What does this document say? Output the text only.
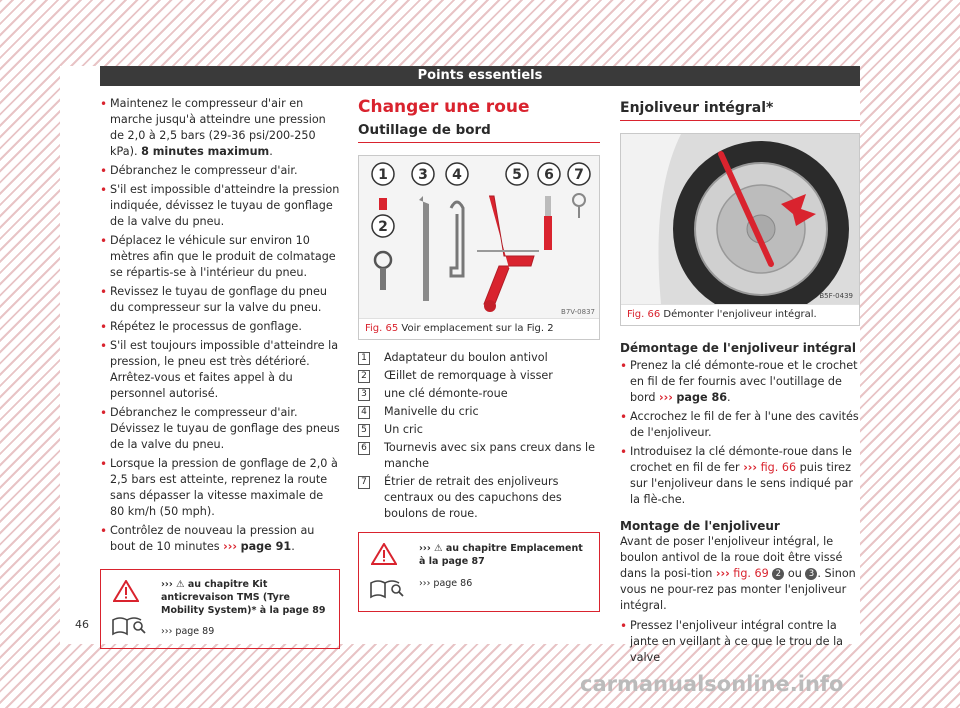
Points essentiels
• Maintenez le compresseur d'air en marche jusqu'à atteindre une pression de 2,0 à 2,5 bars (29-36 psi/200-250 kPa). 8 minutes maximum.
• Débranchez le compresseur d'air.
• S'il est impossible d'atteindre la pression indiquée, dévissez le tuyau de gonflage de la valve du pneu.
• Déplacez le véhicule sur environ 10 mètres afin que le produit de colmatage se répartis-se à l'intérieur du pneu.
• Revissez le tuyau de gonflage du pneu du compresseur sur la valve du pneu.
• Répétez le processus de gonflage.
• S'il est toujours impossible d'atteindre la pression, le pneu est très détérioré. Arrêtez-vous et faites appel à du personnel autorisé.
• Débranchez le compresseur d'air. Dévissez le tuyau de gonflage des pneus de la valve du pneu.
• Lorsque la pression de gonflage de 2,0 à 2,5 bars est atteinte, reprenez la route sans dépasser la vitesse maximale de 80 km/h (50 mph).
• Contrôlez de nouveau la pression au bout de 10 minutes ››› page 91.
››› ⚠ au chapitre Kit anticrevaison TMS (Tyre Mobility System)* à la page 89
››› page 89
Changer une roue
Outillage de bord
1 3 4	5 6 7
2
B7V-0837
Fig. 65 Voir emplacement sur la Fig. 2
1 Adaptateur du boulon antivol
2 Œillet de remorquage à visser
3 une clé démonte-roue
4 Manivelle du cric
5 Un cric
6 Tournevis avec six pans creux dans le manche
7 Étrier de retrait des enjoliveurs centraux ou des capuchons des boulons de roue.
››› ⚠ au chapitre Emplacement à la page 87
››› page 86
Enjoliveur intégral*
B5F-0439
Fig. 66 Démonter l'enjoliveur intégral.
Démontage de l'enjoliveur intégral
• Prenez la clé démonte-roue et le crochet en fil de fer fournis avec l'outillage de bord ››› page 86.
• Accrochez le fil de fer à l'une des cavités de l'enjoliveur.
• Introduisez la clé démonte-roue dans le crochet en fil de fer ››› fig. 66 puis tirez sur l'enjoliveur dans le sens indiqué par la flè-che.
Montage de l'enjoliveur

Avant de poser l'enjoliveur intégral, le boulon antivol de la roue doit être vissé dans la posi-tion ››› fig. 69 2 ou 3 . Sinon vous ne pour-rez pas monter l'enjoliveur intégral.

• Pressez l'enjoliveur intégral contre la jante en veillant à ce que le trou de la valve
46
carmanualsonline.info
